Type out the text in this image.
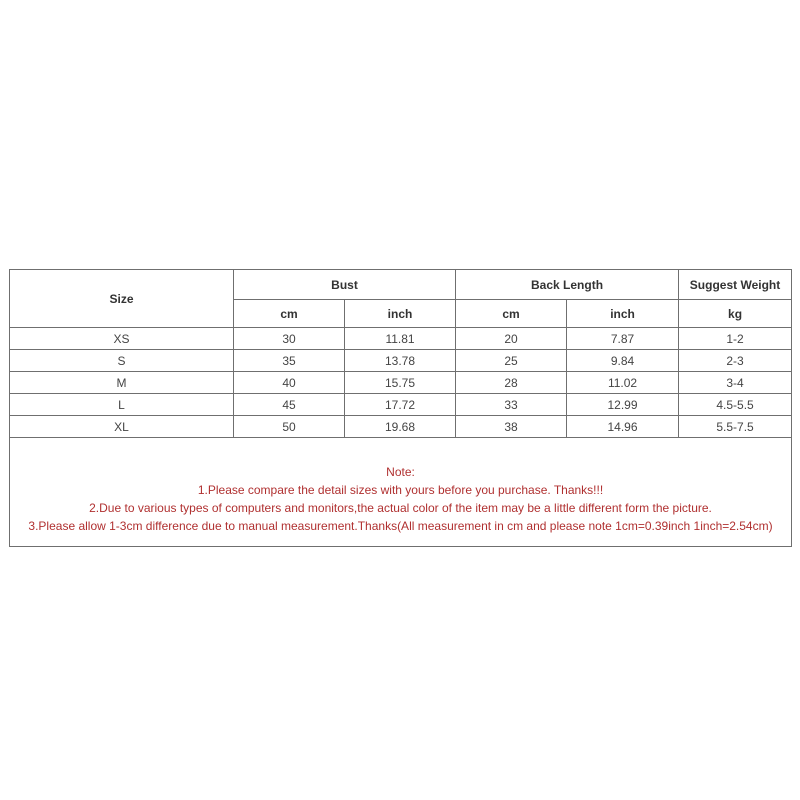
Size	Bust		Back Length		Suggest Weight
	cm	inch	cm	inch	kg
XS	30	11.81	20	7.87	1-2
S	35	13.78	25	9.84	2-3
M	40	15.75	28	11.02	3-4
L	45	17.72	33	12.99	4.5-5.5
XL	50	19.68	38	14.96	5.5-7.5

Note:
1.Please compare the detail sizes with yours before you purchase. Thanks!!!
2.Due to various types of computers and monitors,the actual color of the item may be a little different form the picture.
3.Please allow 1-3cm difference due to manual measurement.Thanks(All measurement in cm and please note 1cm=0.39inch 1inch=2.54cm)					
